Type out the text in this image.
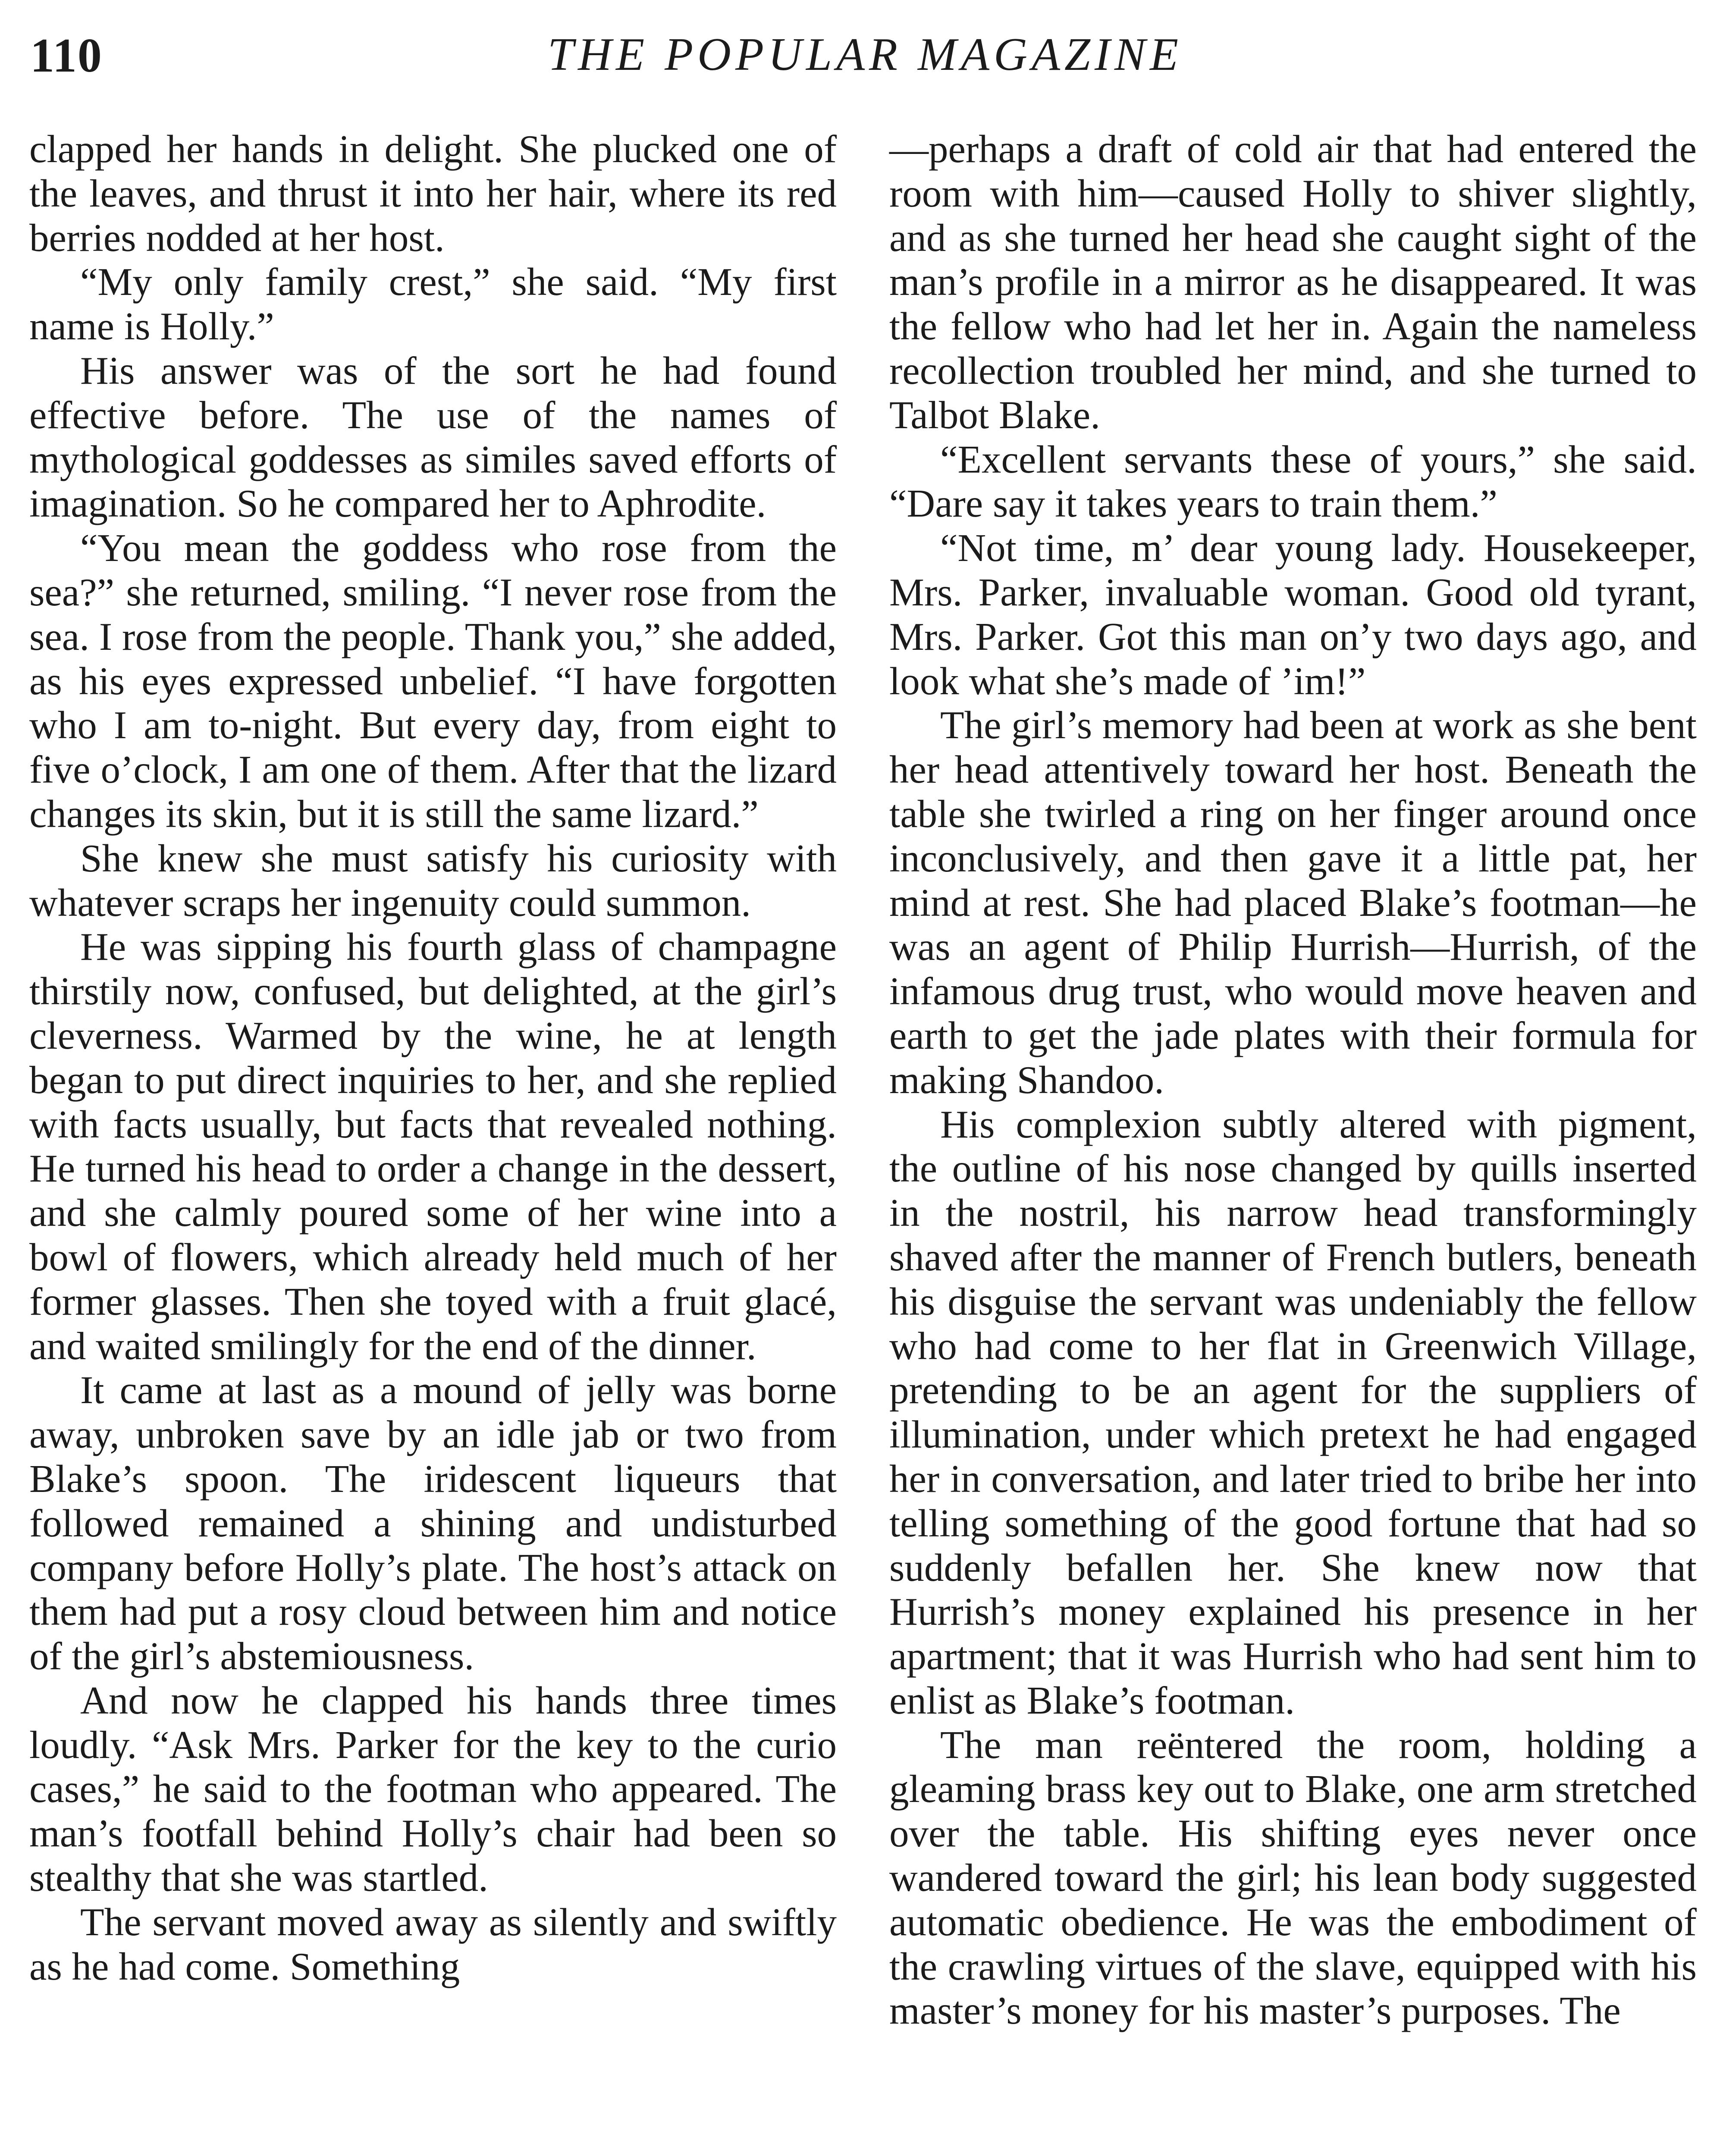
110	THE POPULAR MAGAZINE

clapped her hands in delight. She plucked one of the leaves, and thrust it into her hair, where its red berries nodded at her host.

“My only family crest,” she said. “My first name is Holly.”

His answer was of the sort he had found effective before. The use of the names of mythological goddesses as similes saved efforts of imagination. So he compared her to Aphrodite.

“You mean the goddess who rose from the sea?” she returned, smiling. “I never rose from the sea. I rose from the people. Thank you,” she added, as his eyes expressed unbelief. “I have forgotten who I am to-night. But every day, from eight to five o’clock, I am one of them. After that the lizard changes its skin, but it is still the same lizard.”

She knew she must satisfy his curiosity with whatever scraps her ingenuity could summon.

He was sipping his fourth glass of champagne thirstily now, confused, but delighted, at the girl’s cleverness. Warmed by the wine, he at length began to put direct inquiries to her, and she replied with facts usually, but facts that revealed nothing. He turned his head to order a change in the dessert, and she calmly poured some of her wine into a bowl of flowers, which already held much of her former glasses. Then she toyed with a fruit glacé, and waited smilingly for the end of the dinner.

It came at last as a mound of jelly was borne away, unbroken save by an idle jab or two from Blake’s spoon. The iridescent liqueurs that followed remained a shining and undisturbed company before Holly’s plate. The host’s attack on them had put a rosy cloud between him and notice of the girl’s abstemiousness.

And now he clapped his hands three times loudly. “Ask Mrs. Parker for the key to the curio cases,” he said to the footman who appeared. The man’s footfall behind Holly’s chair had been so stealthy that she was startled.

The servant moved away as silently and swiftly as he had come. Something

—perhaps a draft of cold air that had entered the room with him—caused Holly to shiver slightly, and as she turned her head she caught sight of the man’s profile in a mirror as he disappeared. It was the fellow who had let her in. Again the nameless recollection troubled her mind, and she turned to Talbot Blake.

“Excellent servants these of yours,” she said. “Dare say it takes years to train them.”

“Not time, m’ dear young lady. Housekeeper, Mrs. Parker, invaluable woman. Good old tyrant, Mrs. Parker. Got this man on’y two days ago, and look what she’s made of ’im!”

The girl’s memory had been at work as she bent her head attentively toward her host. Beneath the table she twirled a ring on her finger around once inconclusively, and then gave it a little pat, her mind at rest. She had placed Blake’s footman—he was an agent of Philip Hurrish—Hurrish, of the infamous drug trust, who would move heaven and earth to get the jade plates with their formula for making Shandoo.

His complexion subtly altered with pigment, the outline of his nose changed by quills inserted in the nostril, his narrow head transformingly shaved after the manner of French butlers, beneath his disguise the servant was undeniably the fellow who had come to her flat in Greenwich Village, pretending to be an agent for the suppliers of illumination, under which pretext he had engaged her in conversation, and later tried to bribe her into telling something of the good fortune that had so suddenly befallen her. She knew now that Hurrish’s money explained his presence in her apartment; that it was Hurrish who had sent him to enlist as Blake’s footman.

The man reëntered the room, holding a gleaming brass key out to Blake, one arm stretched over the table. His shifting eyes never once wandered toward the girl; his lean body suggested automatic obedience. He was the embodiment of the crawling virtues of the slave, equipped with his master’s money for his master’s purposes. The
